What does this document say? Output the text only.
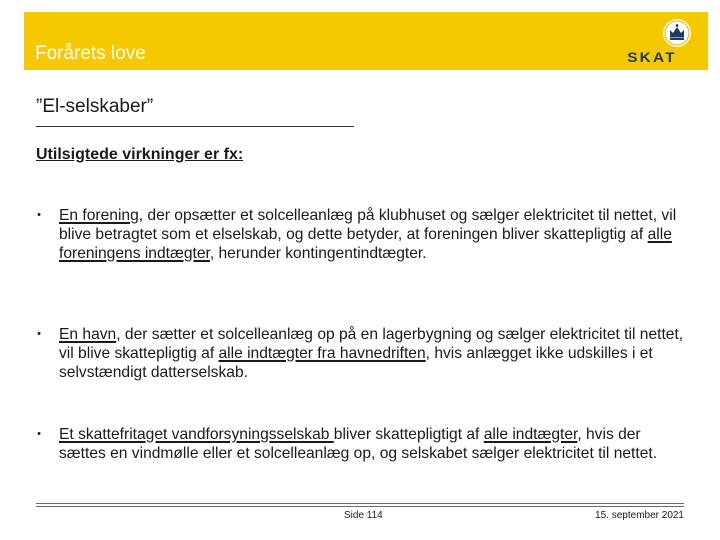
Forårets love	SKAT
”El-selskaber”
Utilsigtede virkninger er fx:
• En forening, der opsætter et solcelleanlæg på klubhuset og sælger elektricitet til nettet, vil blive betragtet som et elselskab, og dette betyder, at foreningen bliver skattepligtig af alle foreningens indtægter, herunder kontingentindtægter.
• En havn, der sætter et solcelleanlæg op på en lagerbygning og sælger elektricitet til nettet, vil blive skattepligtig af alle indtægter fra havnedriften, hvis anlægget ikke udskilles i et selvstændigt datterselskab.
• Et skattefritaget vandforsyningsselskab bliver skattepligtigt af alle indtægter, hvis der sættes en vindmølle eller et solcelleanlæg op, og selskabet sælger elektricitet til nettet.
Side 114	15. september 2021
